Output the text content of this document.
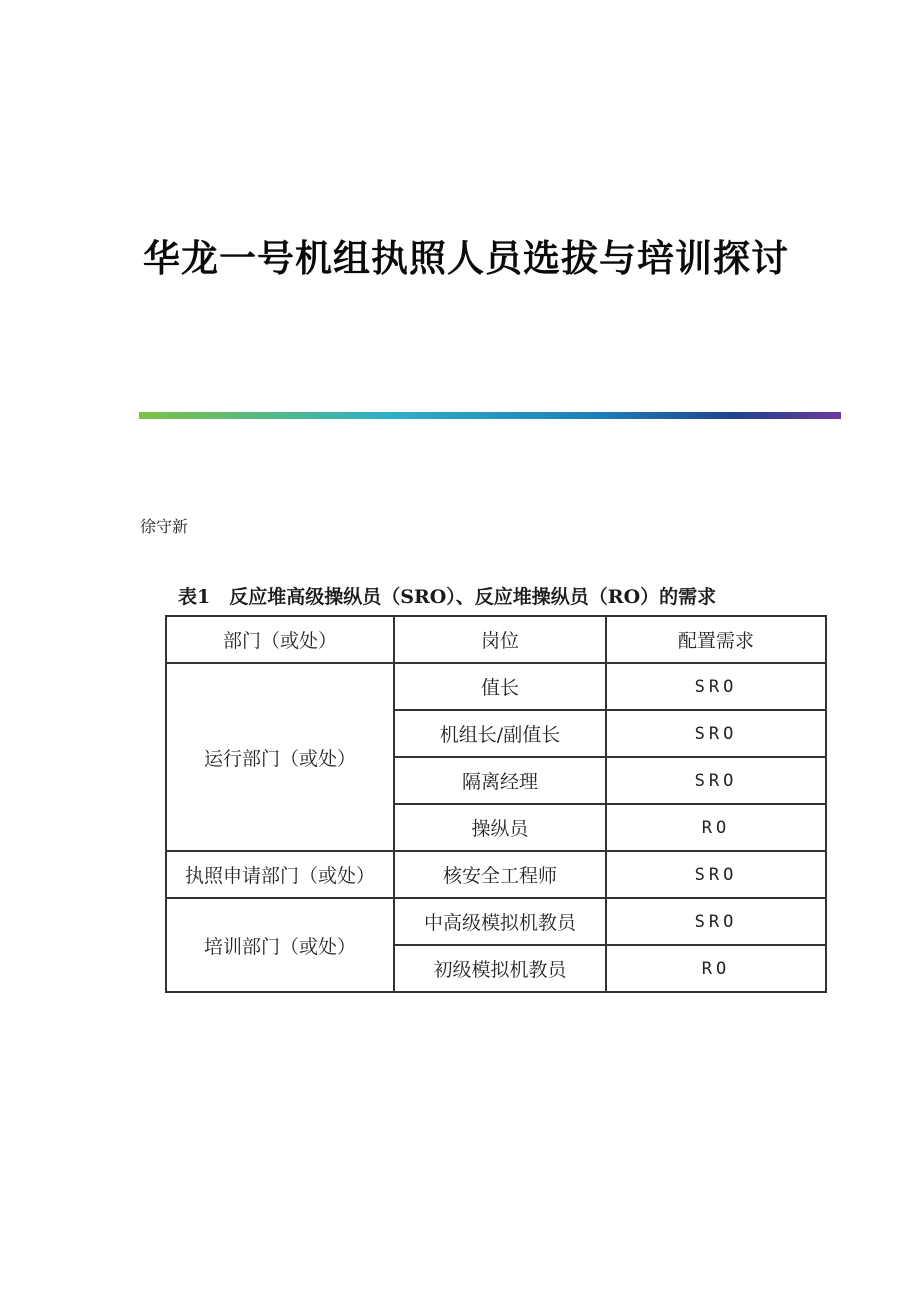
华龙一号机组执照人员选拔与培训探讨
徐守新
表1　反应堆高级操纵员（SRO）、反应堆操纵员（RO）的需求
部门（或处）	岗位	配置需求
运行部门（或处）	值长	SRO
	机组长/副值长	SRO
	隔离经理	SRO
	操纵员	RO
执照申请部门（或处）	核安全工程师	SRO
培训部门（或处）	中高级模拟机教员	SRO
	初级模拟机教员	RO
